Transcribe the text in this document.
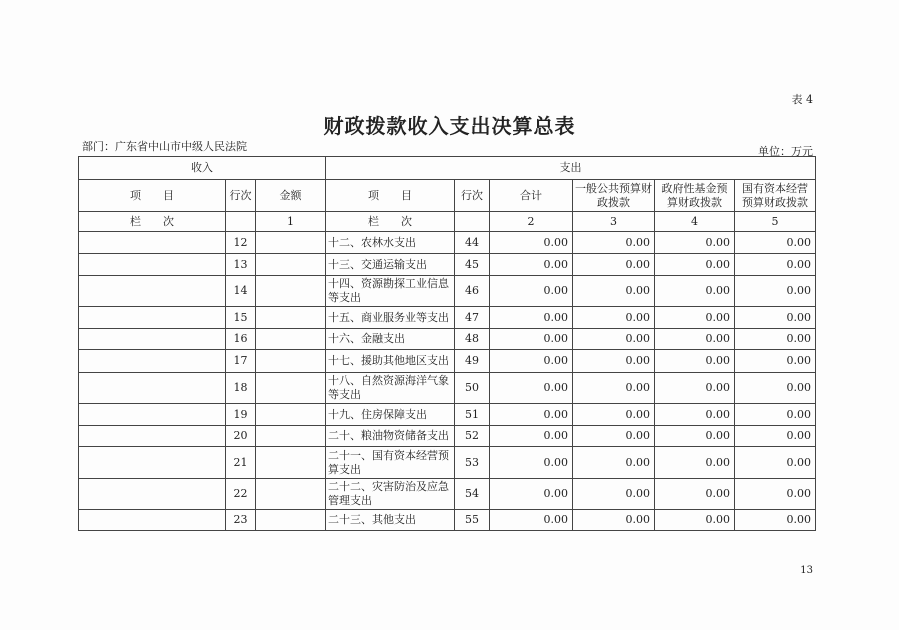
表 4
财政拨款收入支出决算总表
部门：广东省中山市中级人民法院	单位：万元
收入			支出					
项　　目	行次	金额	项　　目	行次	合计	一般公共预算财政拨款	政府性基金预算财政拨款	国有资本经营预算财政拨款
栏　　次		1	栏　　次		2	3	4	5
	12		十二、农林水支出	44	0.00	0.00	0.00	0.00
	13		十三、交通运输支出	45	0.00	0.00	0.00	0.00
	14		十四、资源勘探工业信息等支出	46	0.00	0.00	0.00	0.00
	15		十五、商业服务业等支出	47	0.00	0.00	0.00	0.00
	16		十六、金融支出	48	0.00	0.00	0.00	0.00
	17		十七、援助其他地区支出	49	0.00	0.00	0.00	0.00
	18		十八、自然资源海洋气象等支出	50	0.00	0.00	0.00	0.00
	19		十九、住房保障支出	51	0.00	0.00	0.00	0.00
	20		二十、粮油物资储备支出	52	0.00	0.00	0.00	0.00
	21		二十一、国有资本经营预算支出	53	0.00	0.00	0.00	0.00
	22		二十二、灾害防治及应急管理支出	54	0.00	0.00	0.00	0.00
	23		二十三、其他支出	55	0.00	0.00	0.00	0.00
13
